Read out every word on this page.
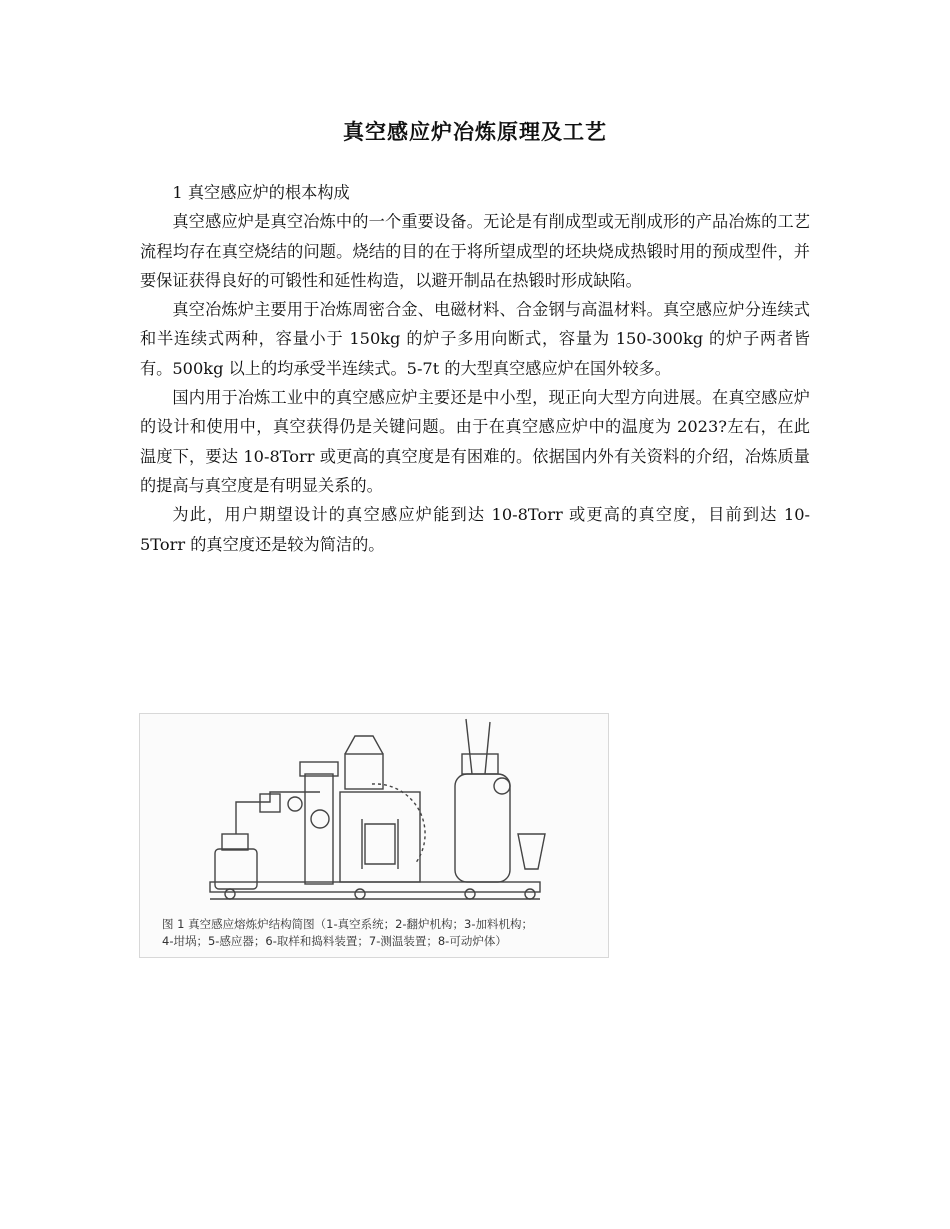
真空感应炉冶炼原理及工艺

1 真空感应炉的根本构成

真空感应炉是真空冶炼中的一个重要设备。无论是有削成型或无削成形的产品冶炼的工艺流程均存在真空烧结的问题。烧结的目的在于将所望成型的坯块烧成热锻时用的预成型件，并要保证获得良好的可锻性和延性构造，以避开制品在热锻时形成缺陷。

真空冶炼炉主要用于冶炼周密合金、电磁材料、合金钢与高温材料。真空感应炉分连续式和半连续式两种，容量小于 150kg 的炉子多用向断式，容量为 150-300kg 的炉子两者皆有。500kg 以上的均承受半连续式。5-7t 的大型真空感应炉在国外较多。

国内用于冶炼工业中的真空感应炉主要还是中小型，现正向大型方向进展。在真空感应炉的设计和使用中，真空获得仍是关键问题。由于在真空感应炉中的温度为 2023?左右，在此温度下，要达 10-8Torr 或更高的真空度是有困难的。依据国内外有关资料的介绍，冶炼质量的提高与真空度是有明显关系的。

为此，用户期望设计的真空感应炉能到达 10-8Torr 或更高的真空度，目前到达 10-5Torr 的真空度还是较为简洁的。

图 1 真空感应熔炼炉结构简图（1-真空系统；2-翻炉机构；3-加料机构；
4-坩埚；5-感应器；6-取样和捣料装置；7-测温装置；8-可动炉体）
